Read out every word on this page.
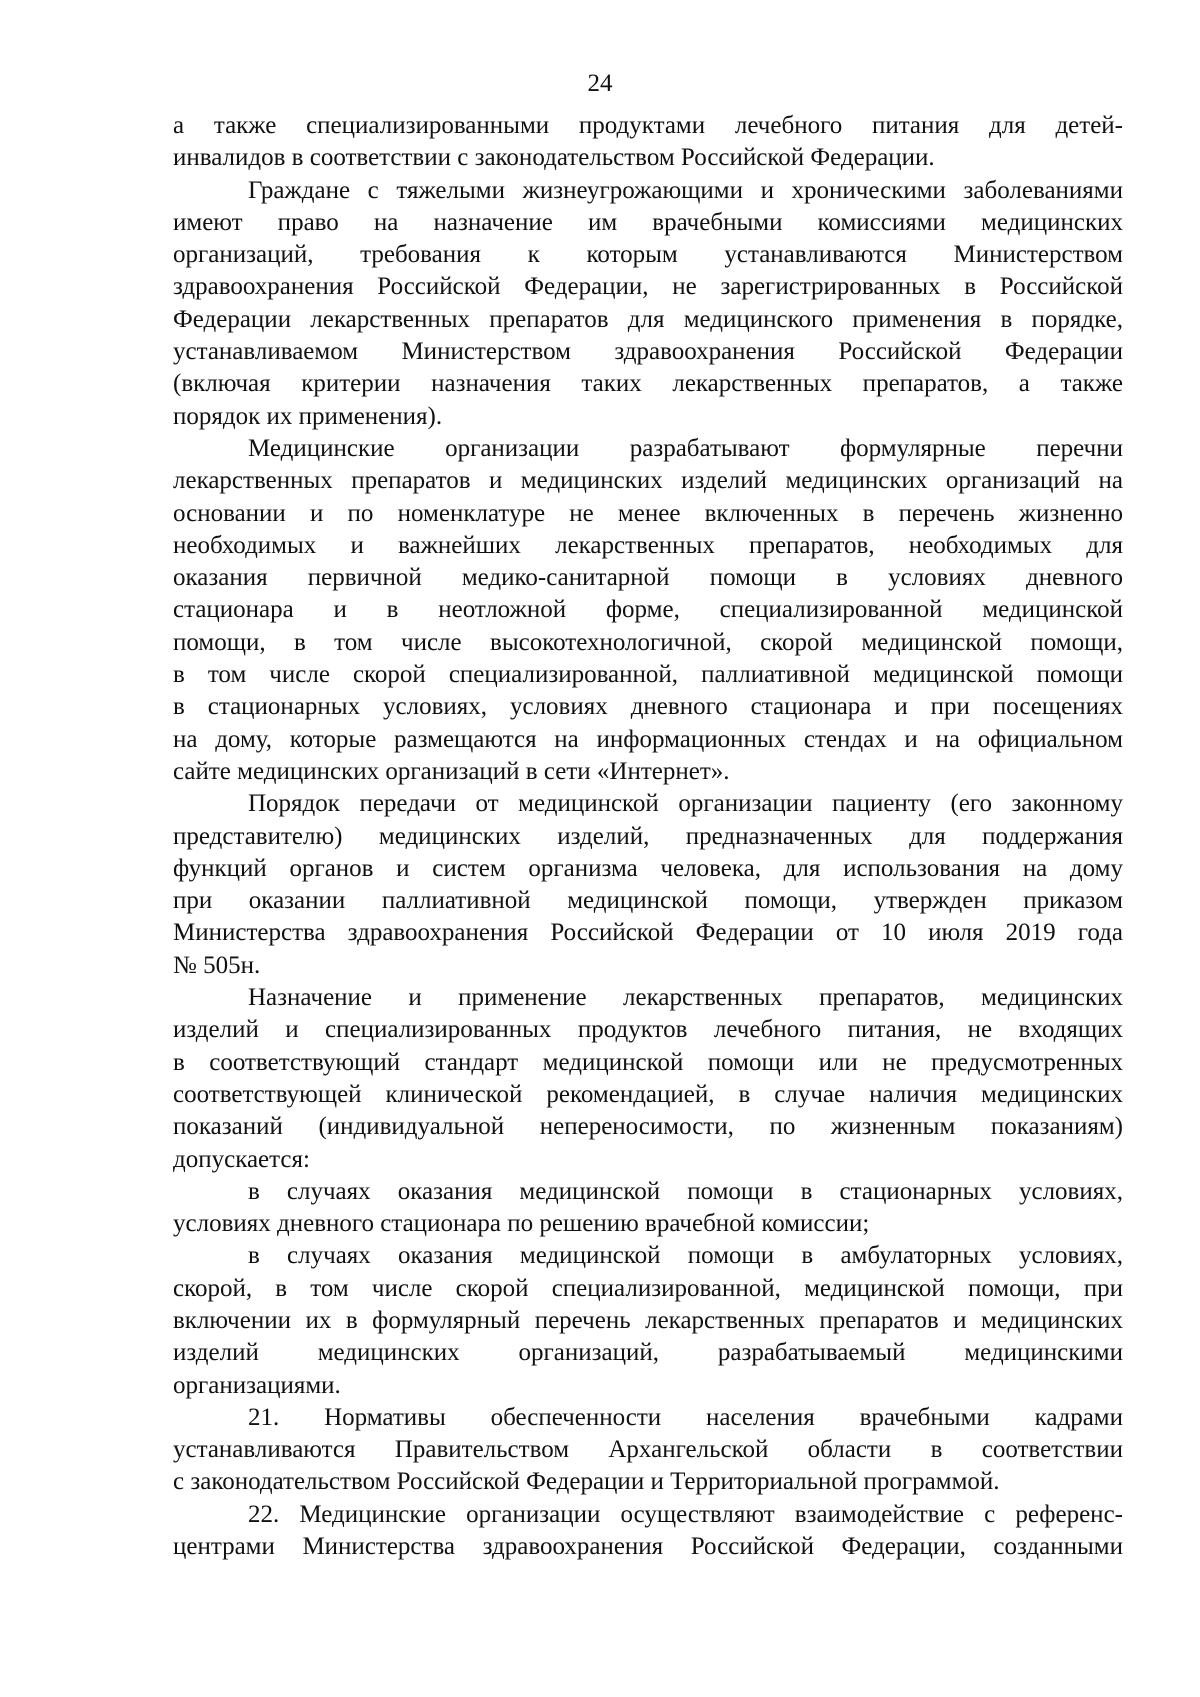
24
а также специализированными продуктами лечебного питания для детей-
инвалидов в соответствии с законодательством Российской Федерации.
Граждане с тяжелыми жизнеугрожающими и хроническими заболеваниями
имеют право на назначение им врачебными комиссиями медицинских
организаций, требования к которым устанавливаются Министерством
здравоохранения Российской Федерации, не зарегистрированных в Российской
Федерации лекарственных препаратов для медицинского применения в порядке,
устанавливаемом Министерством здравоохранения Российской Федерации
(включая критерии назначения таких лекарственных препаратов, а также
порядок их применения).
Медицинские организации разрабатывают формулярные перечни
лекарственных препаратов и медицинских изделий медицинских организаций на
основании и по номенклатуре не менее включенных в перечень жизненно
необходимых и важнейших лекарственных препаратов, необходимых для
оказания первичной медико-санитарной помощи в условиях дневного
стационара и в неотложной форме, специализированной медицинской
помощи, в том числе высокотехнологичной, скорой медицинской помощи,
в том числе скорой специализированной, паллиативной медицинской помощи
в стационарных условиях, условиях дневного стационара и при посещениях
на дому, которые размещаются на информационных стендах и на официальном
сайте медицинских организаций в сети «Интернет».
Порядок передачи от медицинской организации пациенту (его законному
представителю) медицинских изделий, предназначенных для поддержания
функций органов и систем организма человека, для использования на дому
при оказании паллиативной медицинской помощи, утвержден приказом
Министерства здравоохранения Российской Федерации от 10 июля 2019 года
№ 505н.
Назначение и применение лекарственных препаратов, медицинских
изделий и специализированных продуктов лечебного питания, не входящих
в соответствующий стандарт медицинской помощи или не предусмотренных
соответствующей клинической рекомендацией, в случае наличия медицинских
показаний (индивидуальной непереносимости, по жизненным показаниям)
допускается:
в случаях оказания медицинской помощи в стационарных условиях,
условиях дневного стационара по решению врачебной комиссии;
в случаях оказания медицинской помощи в амбулаторных условиях,
скорой, в том числе скорой специализированной, медицинской помощи, при
включении их в формулярный перечень лекарственных препаратов и медицинских
изделий медицинских организаций, разрабатываемый медицинскими
организациями.
21. Нормативы обеспеченности населения врачебными кадрами
устанавливаются Правительством Архангельской области в соответствии
с законодательством Российской Федерации и Территориальной программой.
22. Медицинские организации осуществляют взаимодействие с референс-
центрами Министерства здравоохранения Российской Федерации, созданными
